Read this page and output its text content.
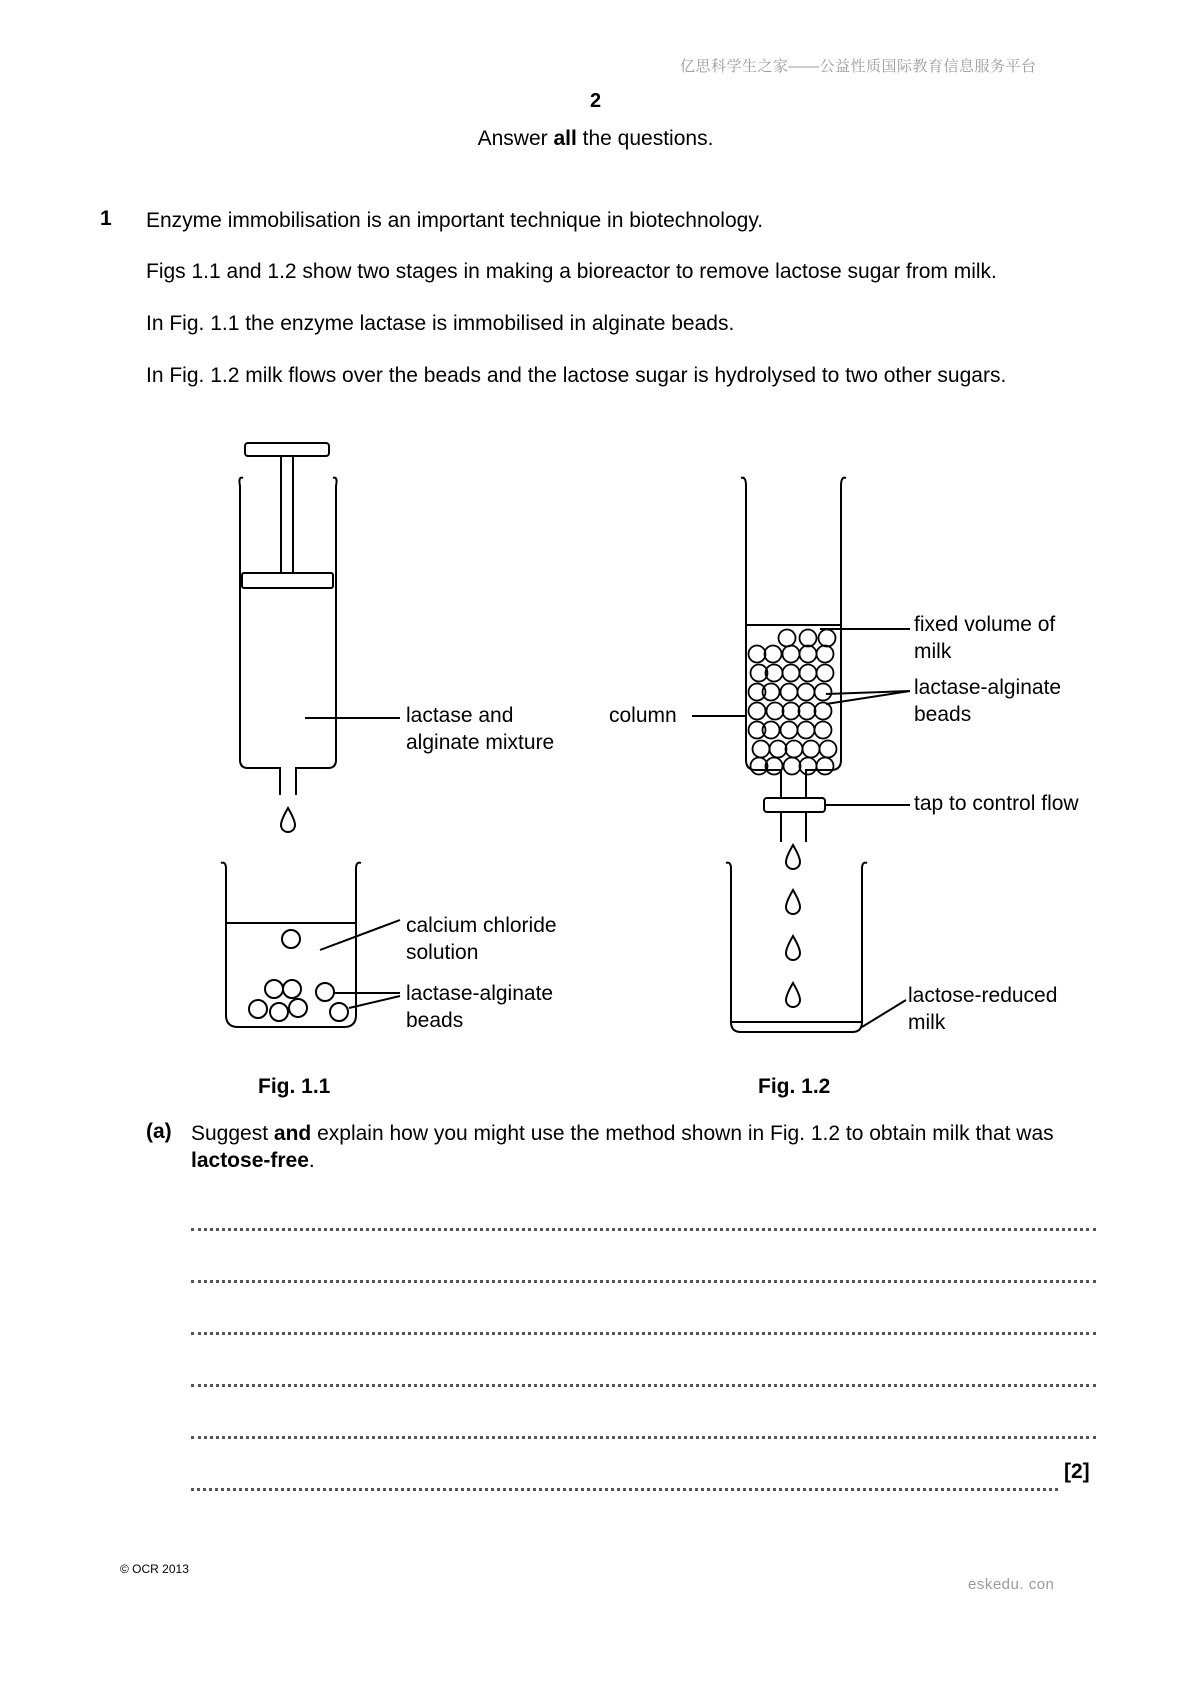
亿思科学生之家——公益性质国际教育信息服务平台
2
Answer all the questions.
1 Enzyme immobilisation is an important technique in biotechnology.
Figs 1.1 and 1.2 show two stages in making a bioreactor to remove lactose sugar from milk.
In Fig. 1.1 the enzyme lactase is immobilised in alginate beads.
In Fig. 1.2 milk flows over the beads and the lactose sugar is hydrolysed to two other sugars.
lactase and
alginate mixture
calcium chloride
solution
lactase-alginate
beads
Fig. 1.1
column
fixed volume of
milk
lactase-alginate
beads
tap to control flow
lactose-reduced
milk
Fig. 1.2
(a) Suggest and explain how you might use the method shown in Fig. 1.2 to obtain milk that was lactose-free.
[2]
© OCR 2013
eskedu. con
